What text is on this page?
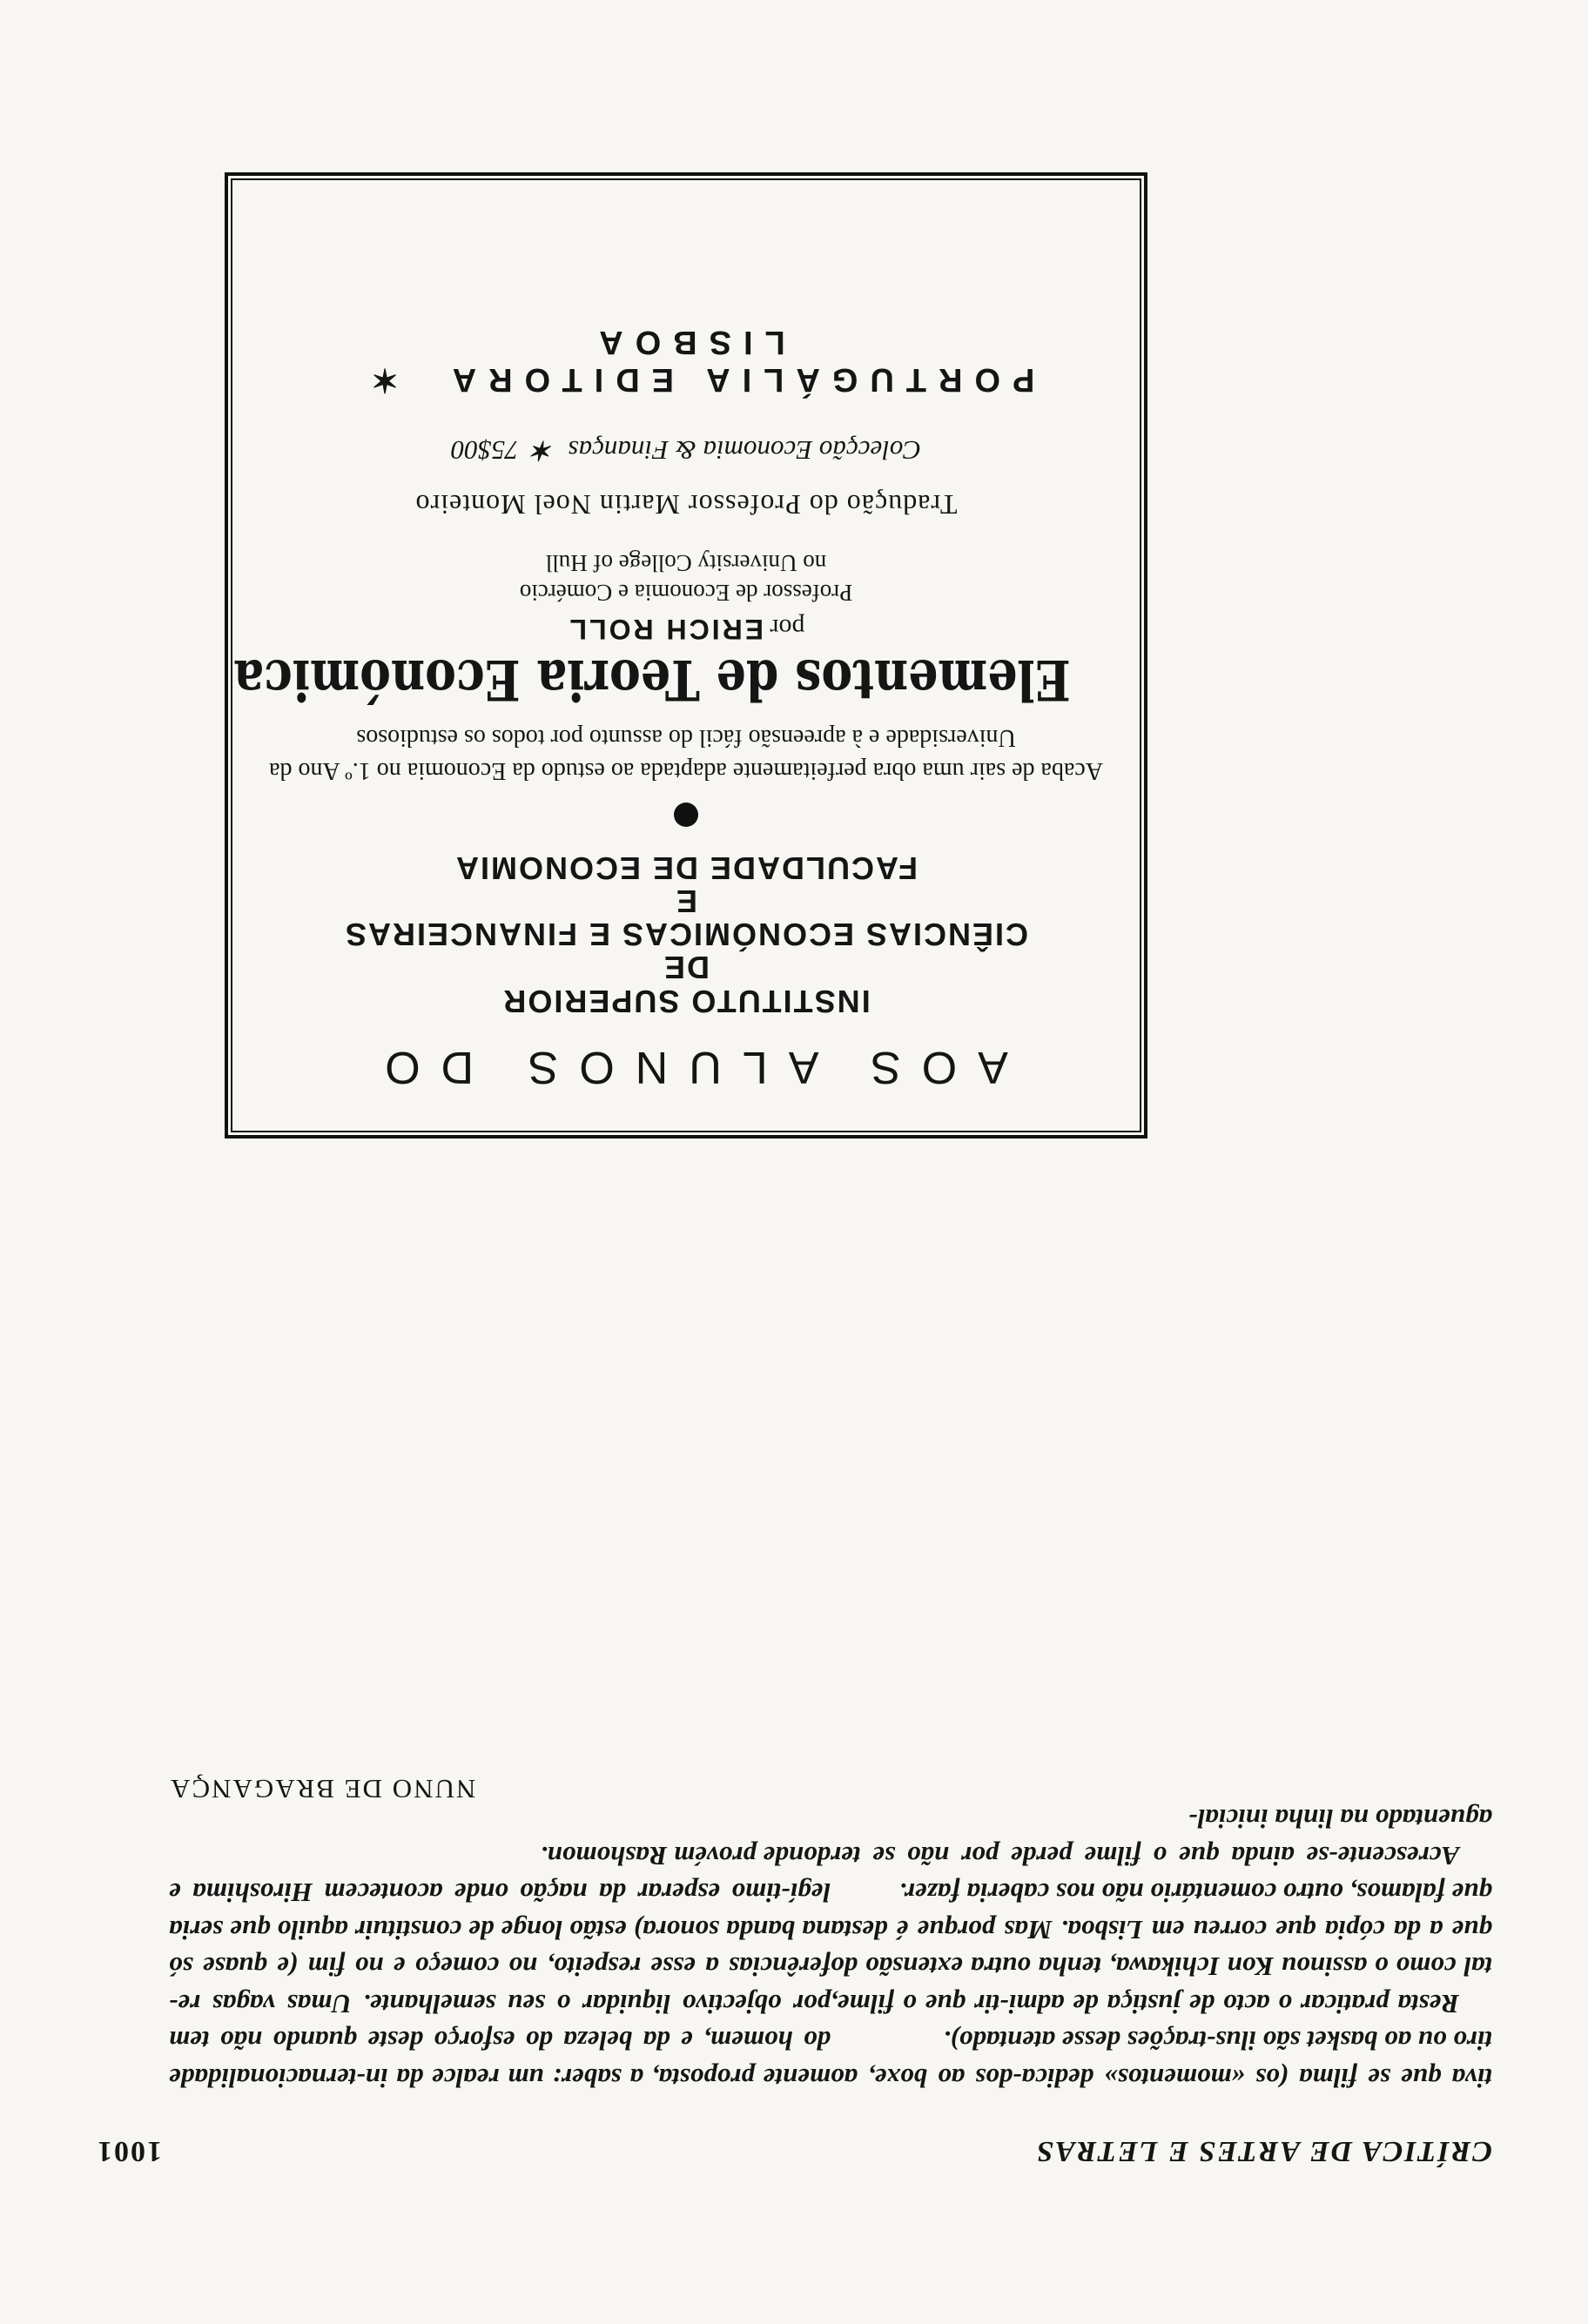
CRÍTICA DE ARTES E LETRAS
1001

tiva que se filma (os «momentos» dedica-dos ao boxe, ao tiro ou ao basket são ilus-trações desse atentado).

Resta praticar o acto de justiça de admi-tir que o filme, tal como o assinou Kon Ichikawa, tenha outra extensão do que a da cópia que correu em Lisboa. Mas porque é desta que falamos, outro comentário não nos caberia fazer.

Acrescente-se ainda que o filme perde por não se ter aguentado na linha inicial-

mente proposta, a saber: um realce da in-ternacionalidade do homem, e da beleza do esforço deste quando não tem por objectivo liquidar o seu semelhante. Umas vagas re-ferências a esse respeito, no começo e no fim (e quase só na banda sonora) estão longe de constituir aquilo que seria legí-timo esperar da nação onde acontecem Hiroshima e donde provém Rashomon.

NUNO DE BRAGANÇA

AOS ALUNOS DO
INSTITUTO SUPERIOR
DE
CIÊNCIAS ECONÓMICAS E FINANCEIRAS
E
FACULDADE DE ECONOMIA
Acaba de sair uma obra perfeitamente adaptada ao estudo da Economia no 1.º Ano da Universidade e à apreensão fácil do assunto por todos os estudiosos
Elementos de Teoria Económica
por ERICH ROLL
Professor de Economia e Comércio
no University College of Hull
Tradução do Professor Martin Noel Monteiro
Colecção Economia & Finanças  ✶  75$00
PORTUGÁLIA EDITORA  ✶  LISBOA
